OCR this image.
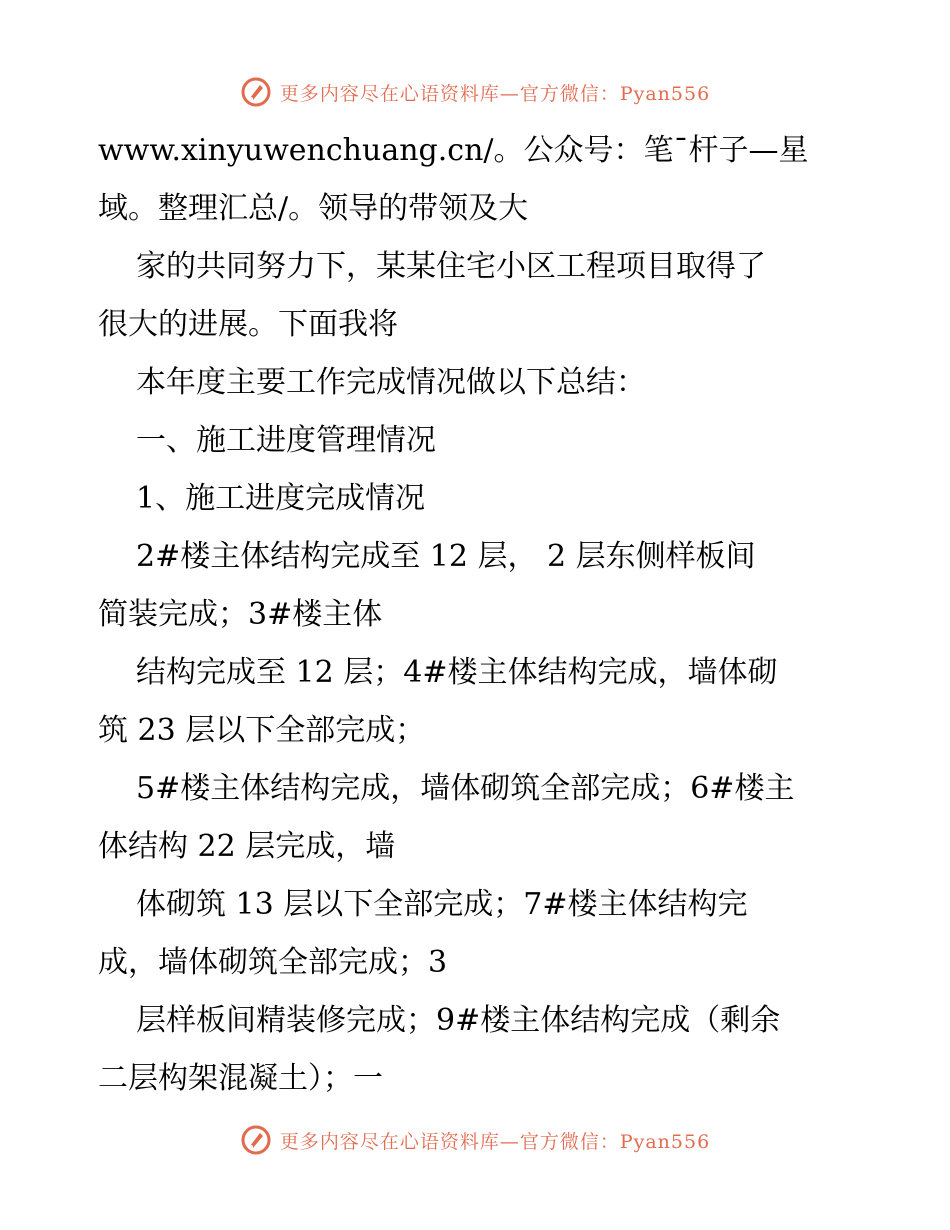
更多内容尽在心语资料库—官方微信：Pyan556
www.xinyuwenchuang.cn/。公众号：笔¯杆子—星
域。整理汇总/。领导的带领及大
家的共同努力下，某某住宅小区工程项目取得了
很大的进展。下面我将
本年度主要工作完成情况做以下总结：
一、施工进度管理情况
1、施工进度完成情况
2#楼主体结构完成至 12 层， 2 层东侧样板间
简装完成；3#楼主体
结构完成至 12 层；4#楼主体结构完成，墙体砌
筑 23 层以下全部完成；
5#楼主体结构完成，墙体砌筑全部完成；6#楼主
体结构 22 层完成，墙
体砌筑 13 层以下全部完成；7#楼主体结构完
成，墙体砌筑全部完成；3
层样板间精装修完成；9#楼主体结构完成（剩余
二层构架混凝土）；一
更多内容尽在心语资料库—官方微信：Pyan556
